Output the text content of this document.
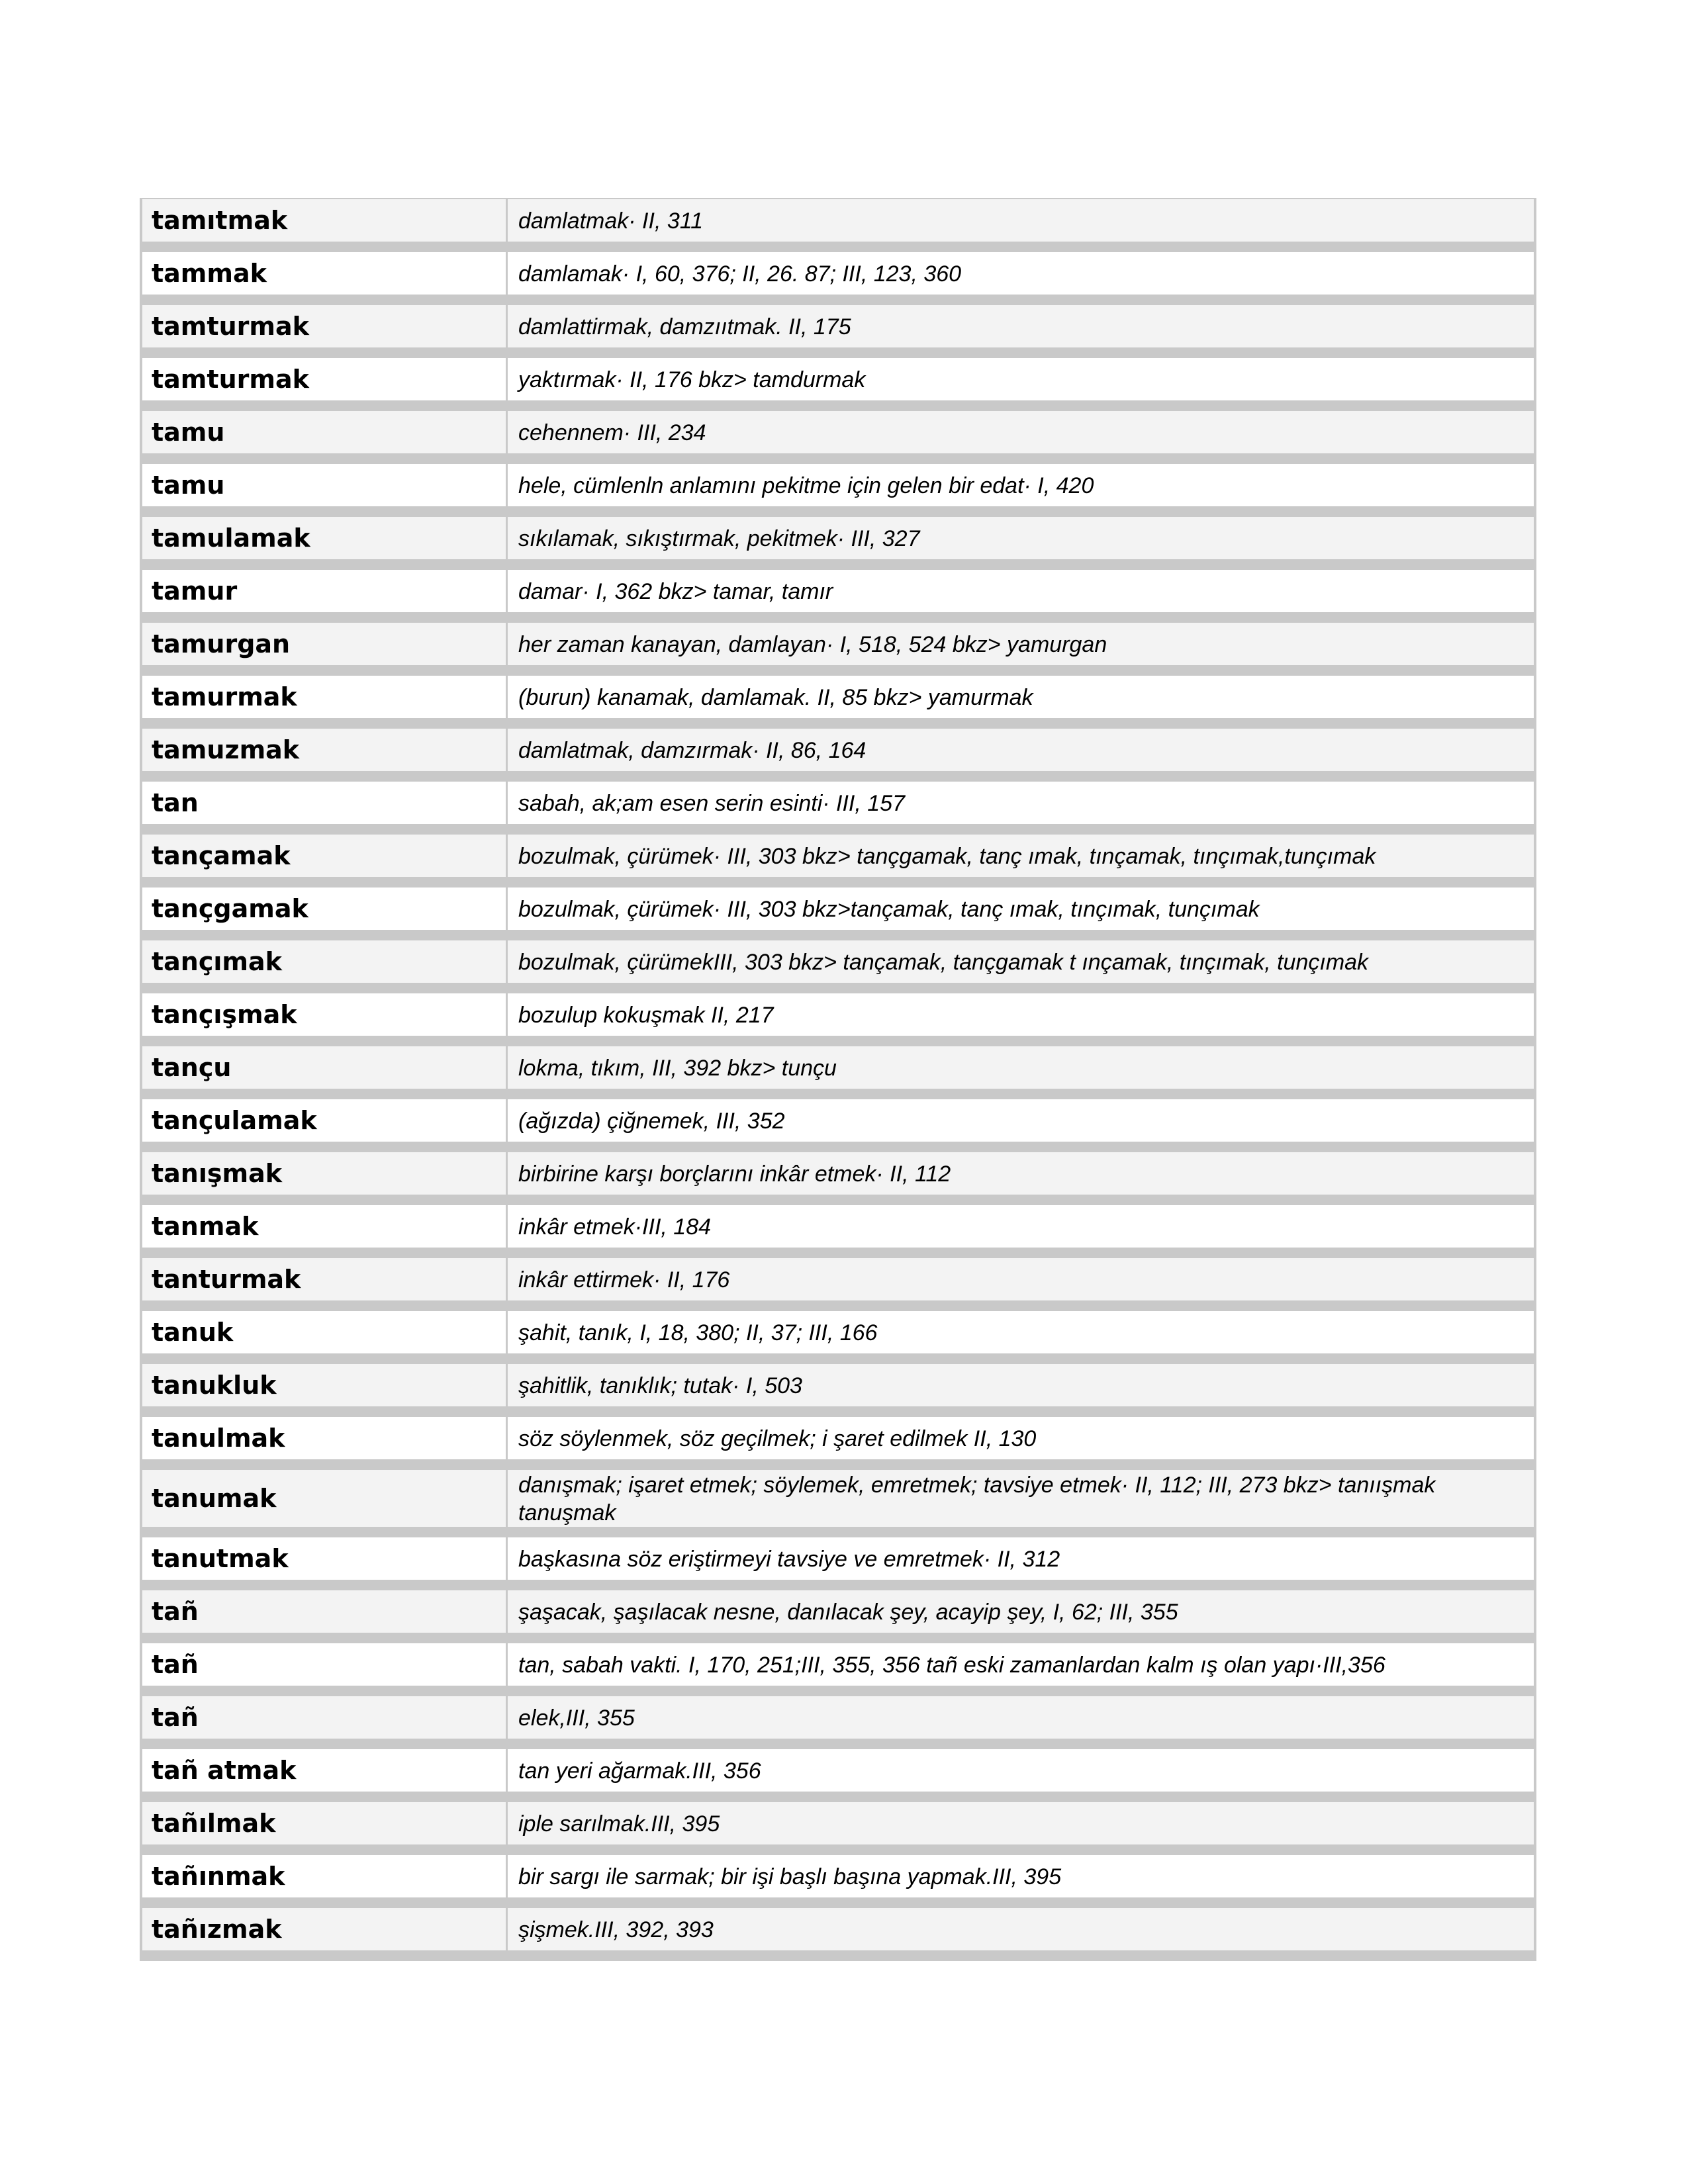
tamıtmak	damlatmak· II, 311
tammak	damlamak· I, 60, 376; II, 26. 87; III, 123, 360
tamturmak	damlattirmak, damzııtmak. II, 175
tamturmak	yaktırmak· II, 176 bkz> tamdurmak
tamu	cehennem· III, 234
tamu	hele, cümlenln anlamını pekitme için gelen bir edat· I, 420
tamulamak	sıkılamak, sıkıştırmak, pekitmek· III, 327
tamur	damar· I, 362 bkz> tamar, tamır
tamurgan	her zaman kanayan, damlayan· I, 518, 524 bkz> yamurgan
tamurmak	(burun) kanamak, damlamak. II, 85 bkz> yamurmak
tamuzmak	damlatmak, damzırmak· II, 86, 164
tan	sabah, ak;am esen serin esinti· III, 157
tançamak	bozulmak, çürümek· III, 303 bkz> tançgamak, tanç ımak, tınçamak, tınçımak,tunçımak
tançgamak	bozulmak, çürümek· III, 303 bkz>tançamak, tanç ımak, tınçımak, tunçımak
tançımak	bozulmak, çürümekIII, 303 bkz> tançamak, tançgamak t ınçamak, tınçımak, tunçımak
tançışmak	bozulup kokuşmak II, 217
tançu	lokma, tıkım, III, 392 bkz> tunçu
tançulamak	(ağızda) çiğnemek, III, 352
tanışmak	birbirine karşı borçlarını inkâr etmek· II, 112
tanmak	inkâr etmek·III, 184
tanturmak	inkâr ettirmek· II, 176
tanuk	şahit, tanık, I, 18, 380; II, 37; III, 166
tanukluk	şahitlik, tanıklık; tutak· I, 503
tanulmak	söz söylenmek, söz geçilmek; i şaret edilmek II, 130
tanumak	danışmak; işaret etmek; söylemek, emretmek; tavsiye etmek· II, 112; III, 273 bkz> tanıışmak tanuşmak
tanutmak	başkasına söz eriştirmeyi tavsiye ve emretmek· II, 312
tañ	şaşacak, şaşılacak nesne, danılacak şey, acayip şey, I, 62; III, 355
tañ	tan, sabah vakti. I, 170, 251;III, 355, 356 tañ eski zamanlardan kalm ış olan yapı·III,356
tañ	elek,III, 355
tañ atmak	tan yeri ağarmak.III, 356
tañılmak	iple sarılmak.III, 395
tañınmak	bir sargı ile sarmak; bir işi başlı başına yapmak.III, 395
tañızmak	şişmek.III, 392, 393
